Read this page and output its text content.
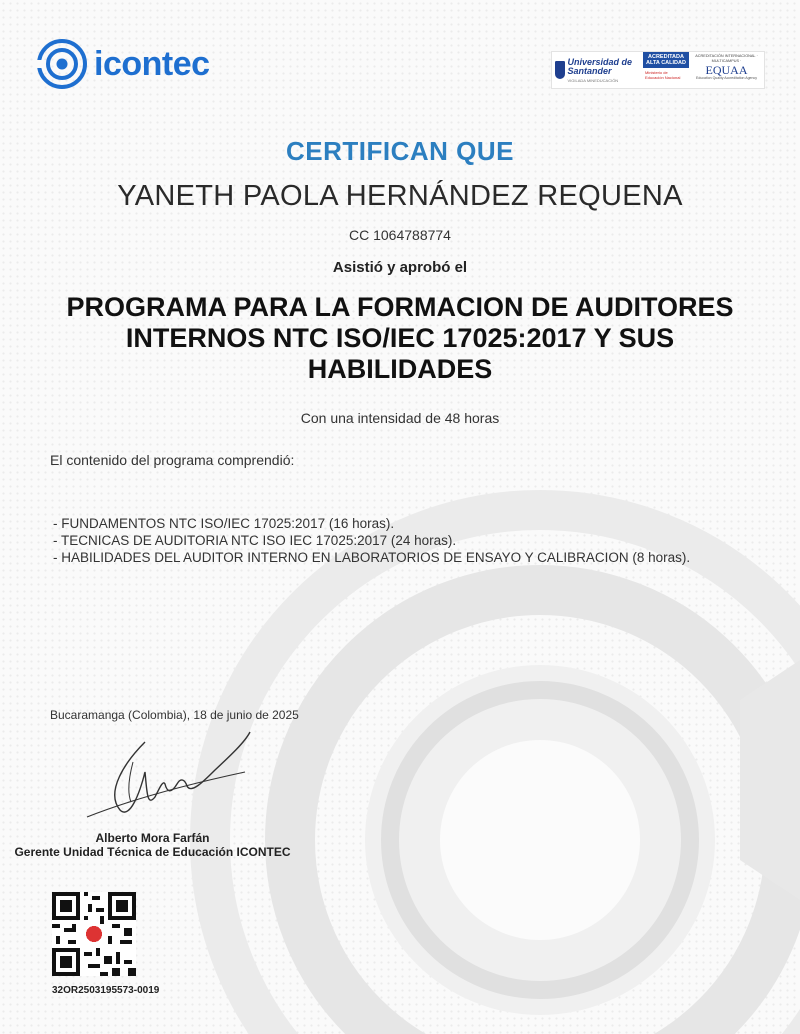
icontec	Universidad de Santander
VIGILADA MINEDUCACIÓN
ACREDITADA ALTA CALIDAD
Ministerio de Educación Nacional
ACREDITACIÓN INTERNACIONAL · MULTICAMPUS ·
EQUAA
Education Quality Accreditation Agency
CERTIFICAN QUE
YANETH PAOLA HERNÁNDEZ REQUENA
CC 1064788774
Asistió y aprobó el
PROGRAMA PARA LA FORMACION DE AUDITORES INTERNOS NTC ISO/IEC 17025:2017 Y SUS HABILIDADES
Con una intensidad de 48 horas
El contenido del programa comprendió:
- FUNDAMENTOS NTC ISO/IEC 17025:2017 (16 horas).
- TECNICAS DE AUDITORIA NTC ISO IEC 17025:2017 (24 horas).
- HABILIDADES DEL AUDITOR INTERNO EN LABORATORIOS DE ENSAYO Y CALIBRACION (8 horas).
Bucaramanga (Colombia), 18 de junio de 2025
Alberto Mora Farfán
Gerente Unidad Técnica de Educación ICONTEC
32OR2503195573-0019
